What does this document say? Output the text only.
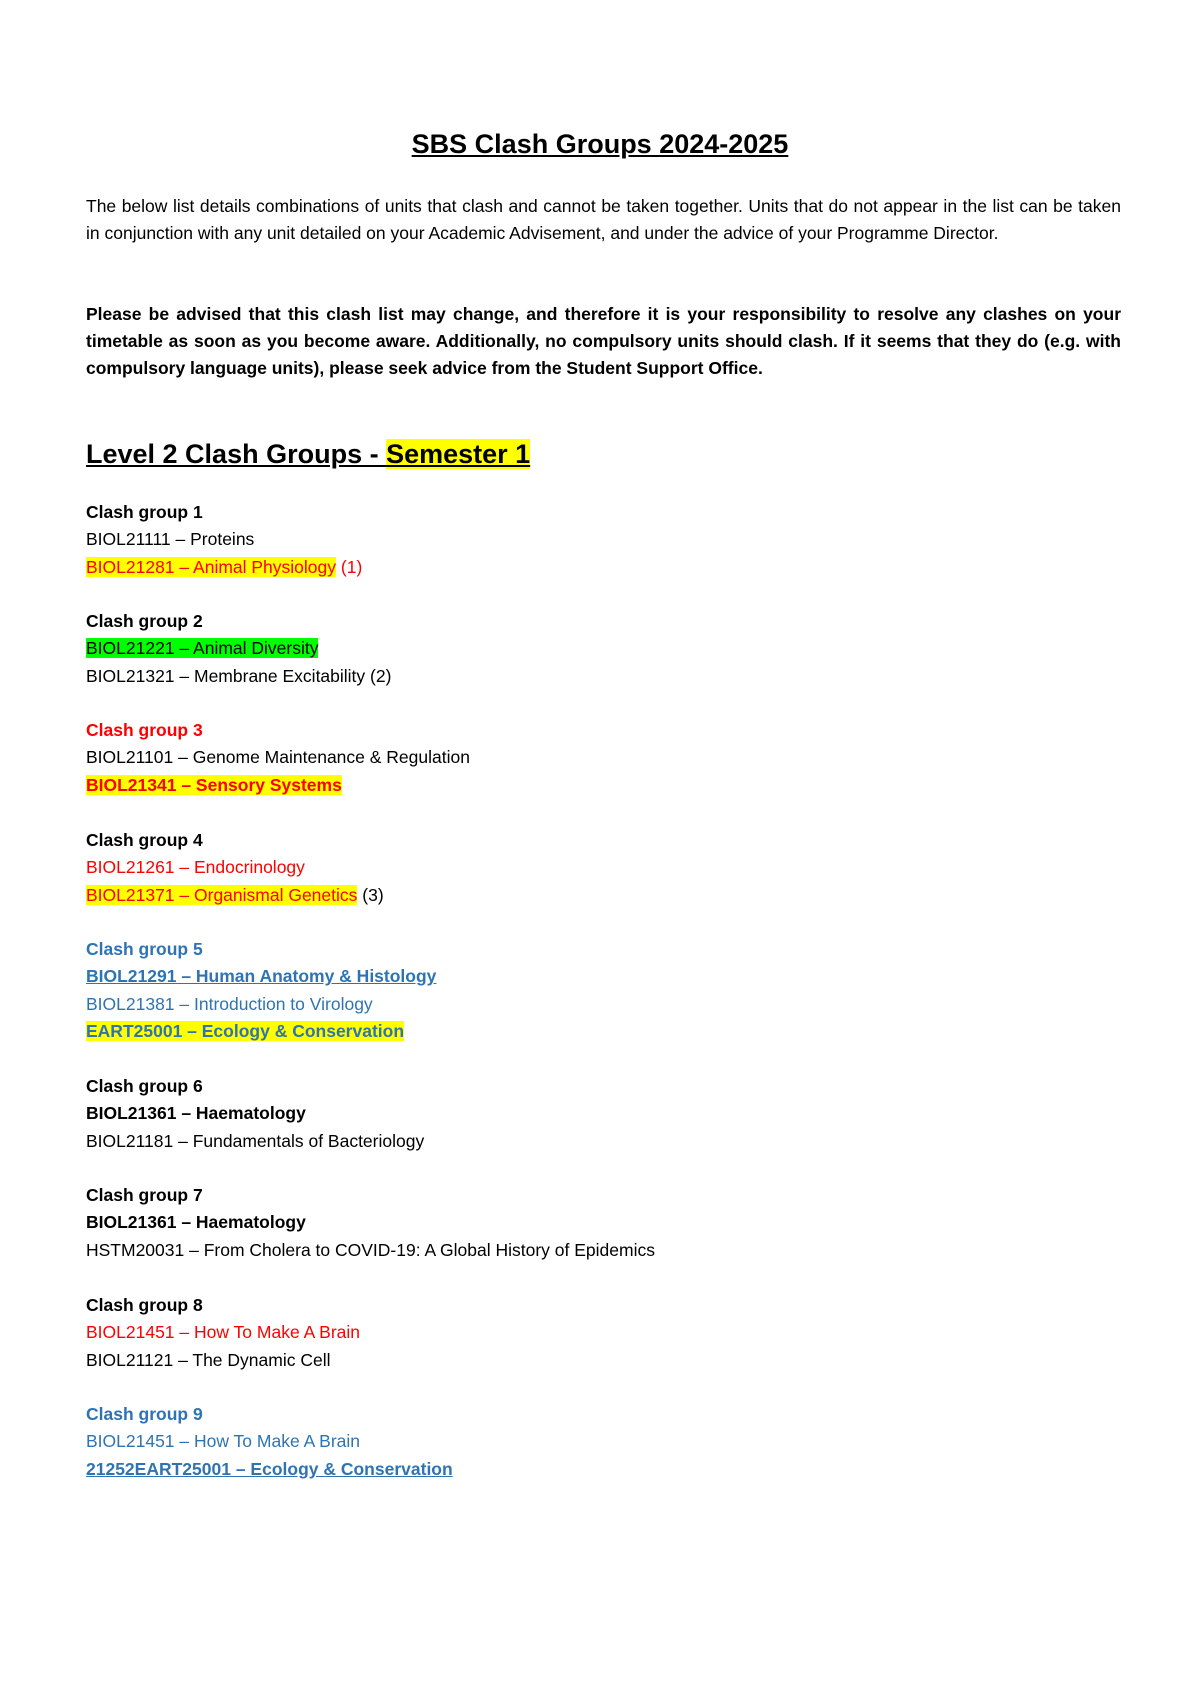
SBS Clash Groups 2024-2025

The below list details combinations of units that clash and cannot be taken together. Units that do not appear in the list can be taken in conjunction with any unit detailed on your Academic Advisement, and under the advice of your Programme Director.

Please be advised that this clash list may change, and therefore it is your responsibility to resolve any clashes on your timetable as soon as you become aware. Additionally, no compulsory units should clash. If it seems that they do (e.g. with compulsory language units), please seek advice from the Student Support Office.

Level 2 Clash Groups - Semester 1
Clash group 1
BIOL21111 – Proteins
BIOL21281 – Animal Physiology (1)
Clash group 2
BIOL21221 – Animal Diversity
BIOL21321 – Membrane Excitability (2)
Clash group 3
BIOL21101 – Genome Maintenance & Regulation
BIOL21341 – Sensory Systems
Clash group 4
BIOL21261 – Endocrinology
BIOL21371 – Organismal Genetics (3)
Clash group 5
BIOL21291 – Human Anatomy & Histology
BIOL21381 – Introduction to Virology
EART25001 – Ecology & Conservation
Clash group 6
BIOL21361 – Haematology
BIOL21181 – Fundamentals of Bacteriology
Clash group 7
BIOL21361 – Haematology
HSTM20031 – From Cholera to COVID-19: A Global History of Epidemics
Clash group 8
BIOL21451 – How To Make A Brain
BIOL21121 – The Dynamic Cell
Clash group 9
BIOL21451 – How To Make A Brain
21252EART25001 – Ecology & Conservation
